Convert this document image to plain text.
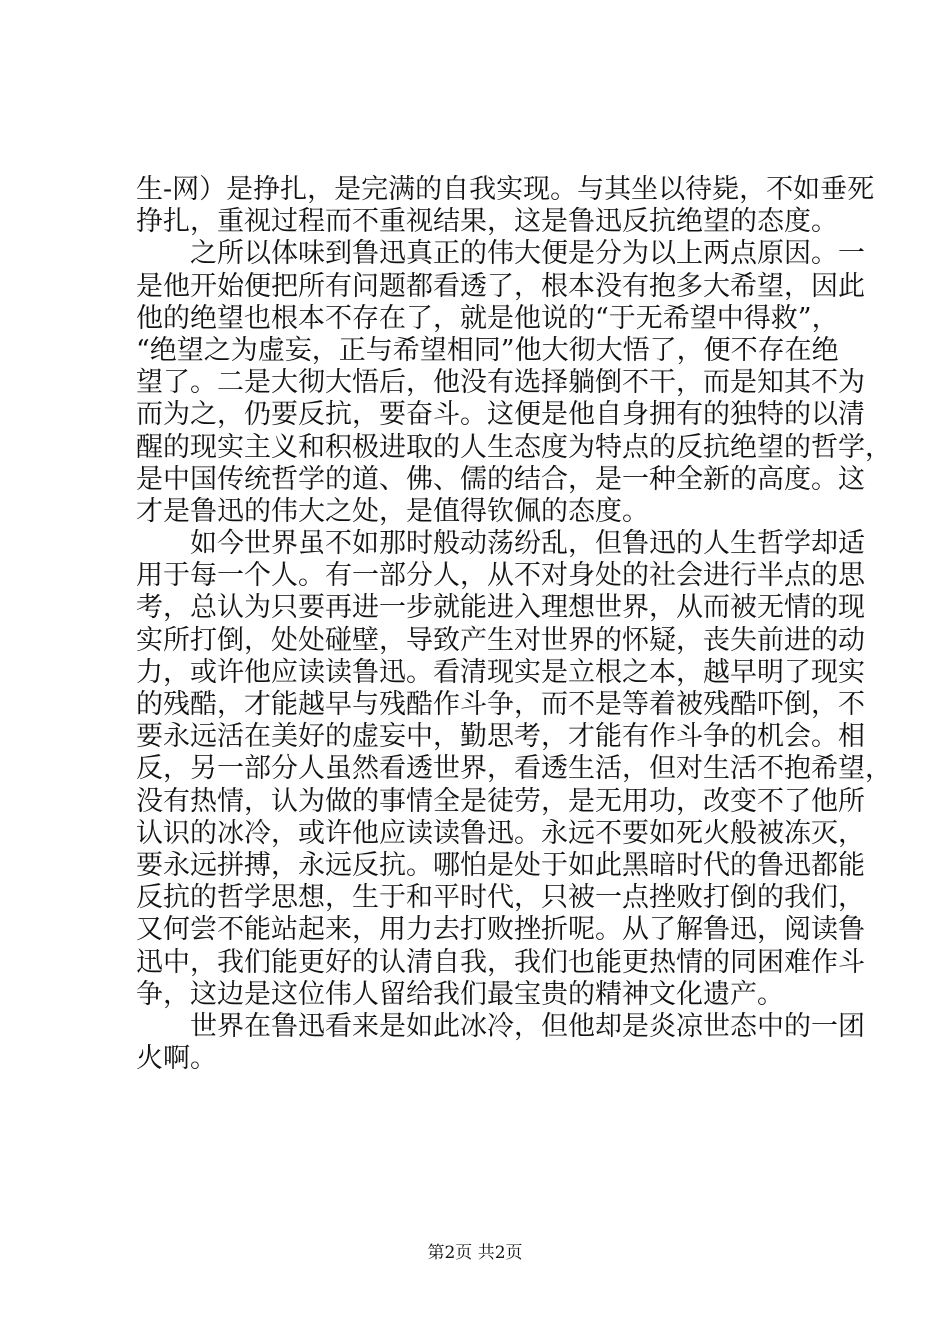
生-网）是挣扎，是完满的自我实现。与其坐以待毙，不如垂死
挣扎，重视过程而不重视结果，这是鲁迅反抗绝望的态度。
　　之所以体味到鲁迅真正的伟大便是分为以上两点原因。一
是他开始便把所有问题都看透了，根本没有抱多大希望，因此
他的绝望也根本不存在了，就是他说的“于无希望中得救”，
“绝望之为虚妄，正与希望相同”他大彻大悟了，便不存在绝
望了。二是大彻大悟后，他没有选择躺倒不干，而是知其不为
而为之，仍要反抗，要奋斗。这便是他自身拥有的独特的以清
醒的现实主义和积极进取的人生态度为特点的反抗绝望的哲学，
是中国传统哲学的道、佛、儒的结合，是一种全新的高度。这
才是鲁迅的伟大之处，是值得钦佩的态度。
　　如今世界虽不如那时般动荡纷乱，但鲁迅的人生哲学却适
用于每一个人。有一部分人，从不对身处的社会进行半点的思
考，总认为只要再进一步就能进入理想世界，从而被无情的现
实所打倒，处处碰壁，导致产生对世界的怀疑，丧失前进的动
力，或许他应读读鲁迅。看清现实是立根之本，越早明了现实
的残酷，才能越早与残酷作斗争，而不是等着被残酷吓倒，不
要永远活在美好的虚妄中，勤思考，才能有作斗争的机会。相
反，另一部分人虽然看透世界，看透生活，但对生活不抱希望，
没有热情，认为做的事情全是徒劳，是无用功，改变不了他所
认识的冰冷，或许他应读读鲁迅。永远不要如死火般被冻灭，
要永远拼搏，永远反抗。哪怕是处于如此黑暗时代的鲁迅都能
反抗的哲学思想，生于和平时代，只被一点挫败打倒的我们，
又何尝不能站起来，用力去打败挫折呢。从了解鲁迅，阅读鲁
迅中，我们能更好的认清自我，我们也能更热情的同困难作斗
争，这边是这位伟人留给我们最宝贵的精神文化遗产。
　　世界在鲁迅看来是如此冰冷，但他却是炎凉世态中的一团
火啊。
第2页 共2页
